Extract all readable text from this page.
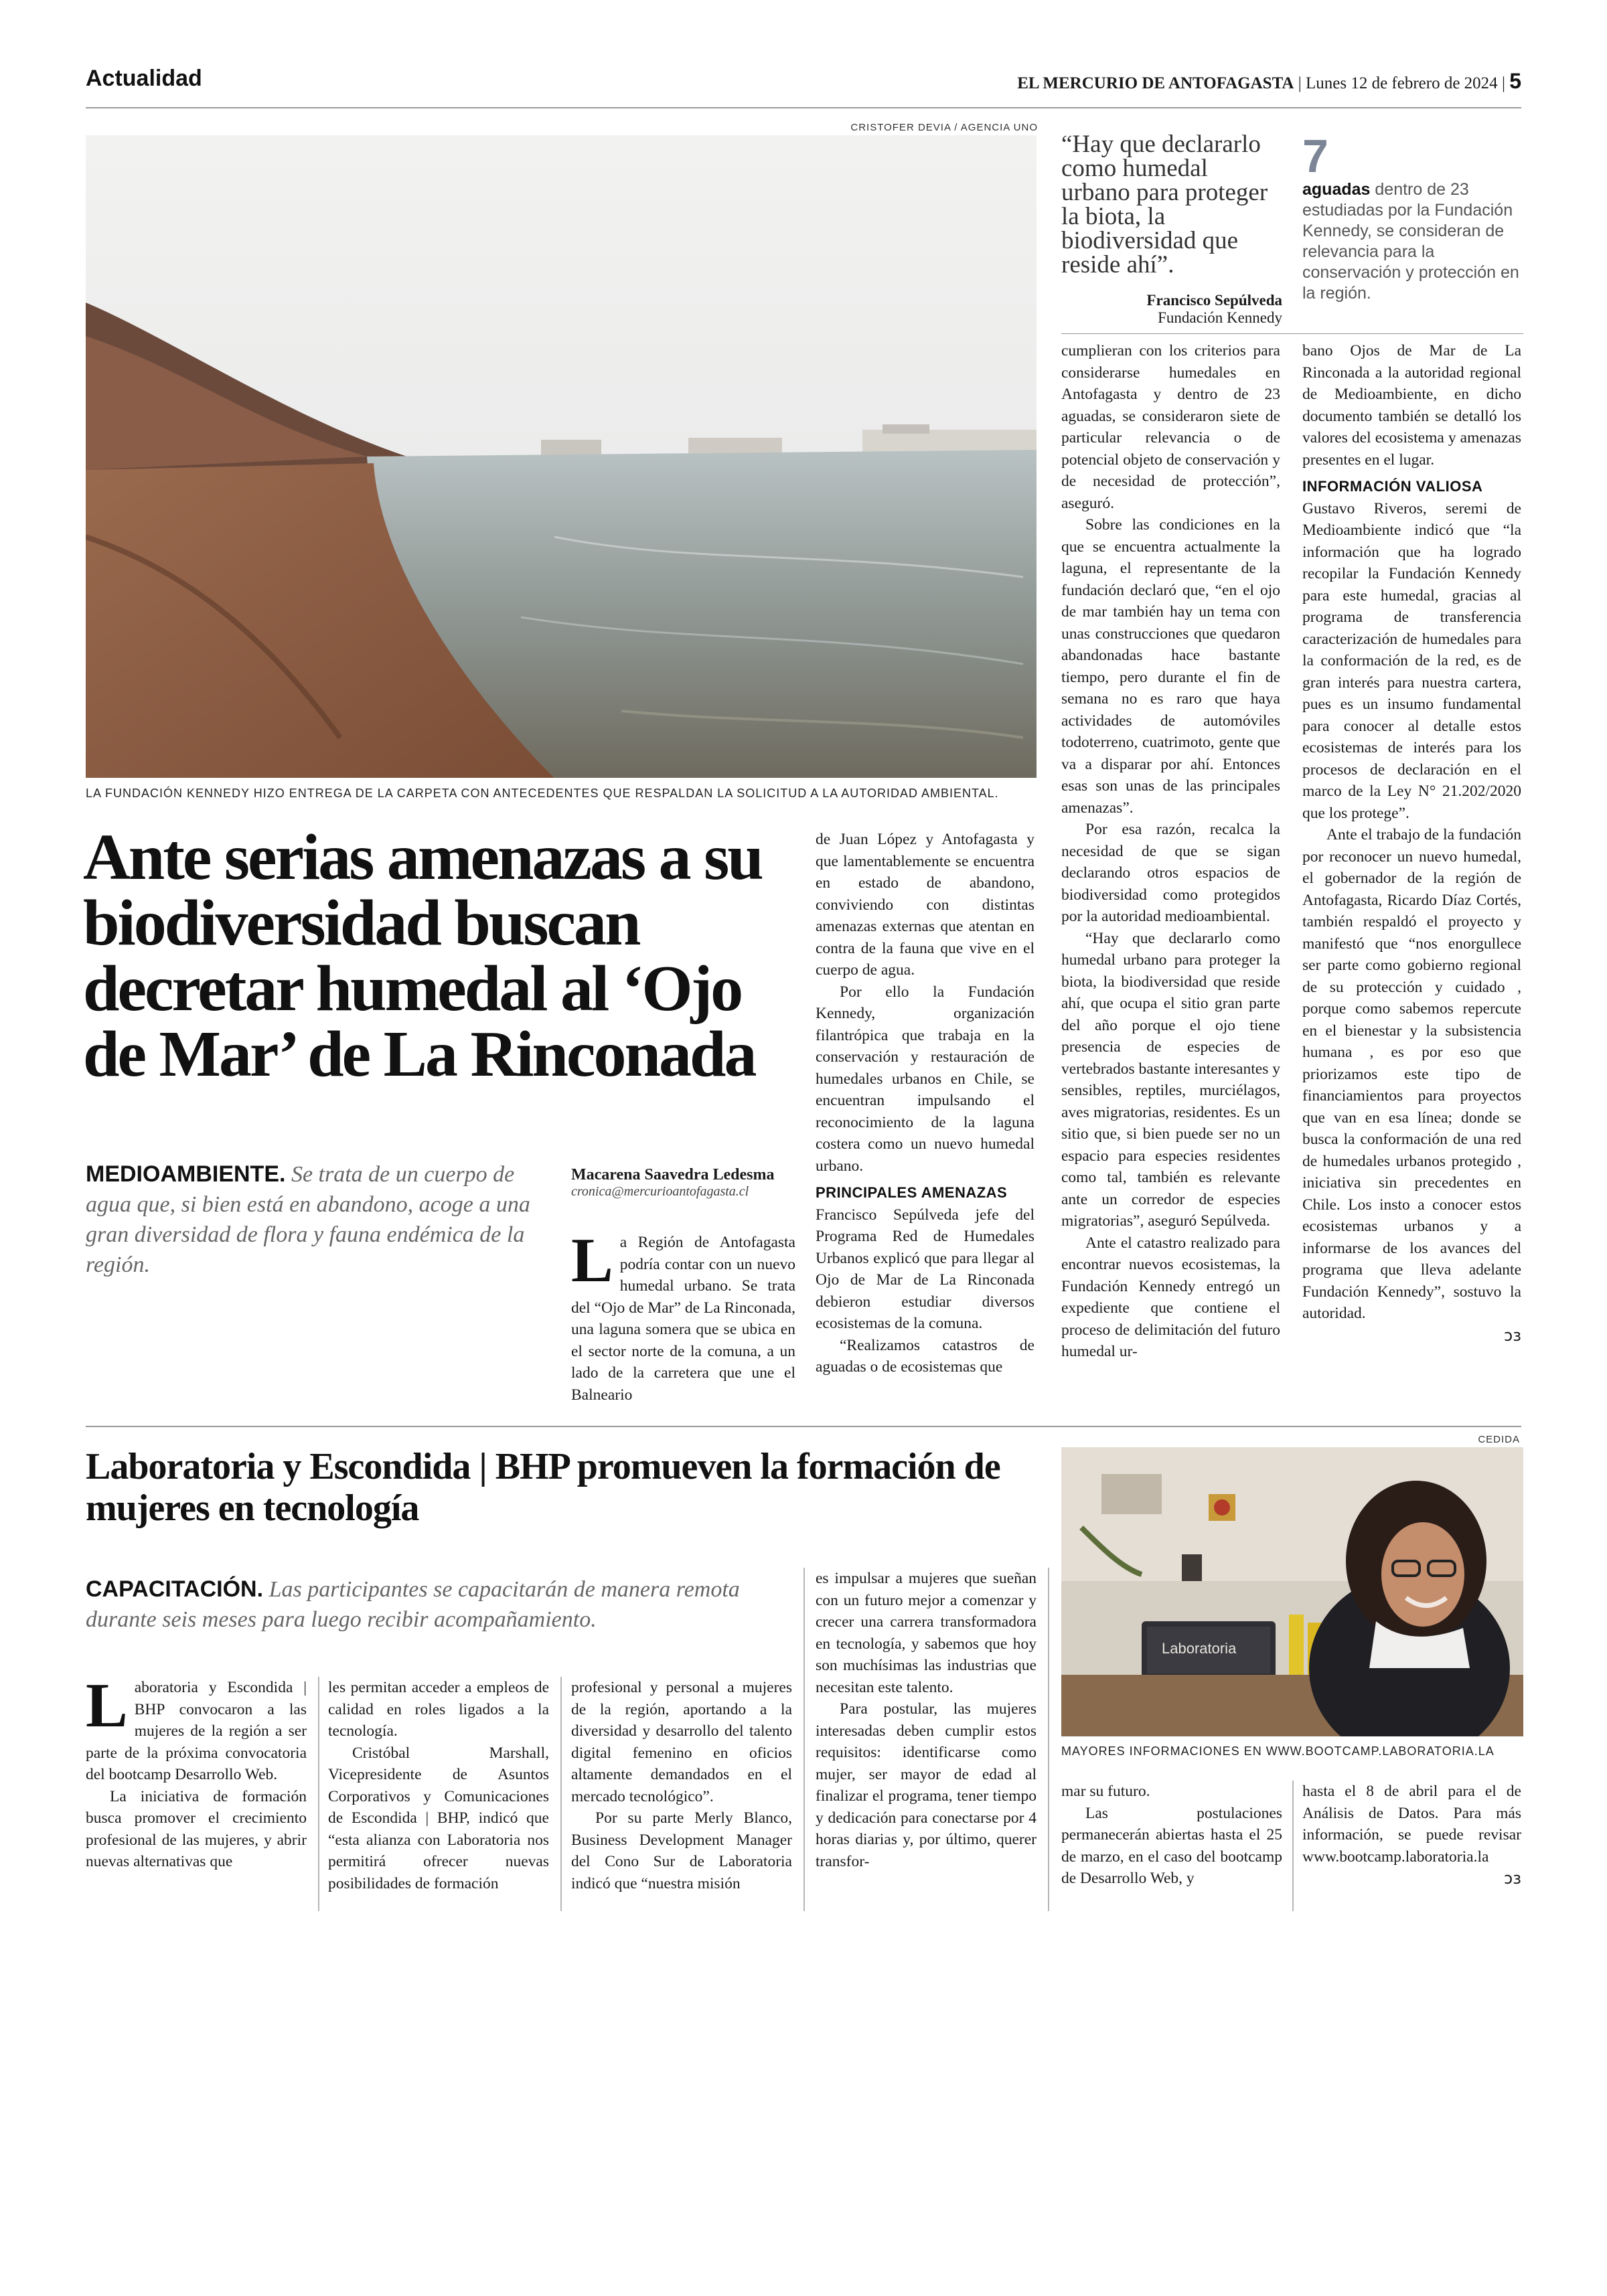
Actualidad	EL MERCURIO DE ANTOFAGASTA | Lunes 12 de febrero de 2024 | 5
CRISTOFER DEVIA / AGENCIA UNO
LA FUNDACIÓN KENNEDY HIZO ENTREGA DE LA CARPETA CON ANTECEDENTES QUE RESPALDAN LA SOLICITUD A LA AUTORIDAD AMBIENTAL.
Ante serias amenazas a su biodiversidad buscan decretar humedal al ‘Ojo de Mar’ de La Rinconada
MEDIOAMBIENTE. Se trata de un cuerpo de agua que, si bien está en abandono, acoge a una gran diversidad de flora y fauna endémica de la región.
Macarena Saavedra Ledesma
cronica@mercurioantofagasta.cl
L a Región de Antofagasta podría contar con un nuevo humedal urbano. Se trata del “Ojo de Mar” de La Rinconada, una laguna somera que se ubica en el sector norte de la comuna, a un lado de la carretera que une el Balneario

de Juan López y Antofagasta y que lamentablemente se encuentra en estado de abandono, conviviendo con distintas amenazas externas que atentan en contra de la fauna que vive en el cuerpo de agua.

Por ello la Fundación Kennedy, organización filantrópica que trabaja en la conservación y restauración de humedales urbanos en Chile, se encuentran impulsando el reconocimiento de la laguna costera como un nuevo humedal urbano.

PRINCIPALES AMENAZAS

Francisco Sepúlveda jefe del Programa Red de Humedales Urbanos explicó que para llegar al Ojo de Mar de La Rinconada debieron estudiar diversos ecosistemas de la comuna.

“Realizamos catastros de aguadas o de ecosistemas que

“Hay que declararlo como humedal urbano para proteger la biota, la biodiversidad que reside ahí”.
Francisco Sepúlveda
Fundación Kennedy
7
aguadas dentro de 23 estudiadas por la Fundación Kennedy, se consideran de relevancia para la conservación y protección en la región.

cumplieran con los criterios para considerarse humedales en Antofagasta y dentro de 23 aguadas, se consideraron siete de particular relevancia o de potencial objeto de conservación y de necesidad de protección”, aseguró.

Sobre las condiciones en la que se encuentra actualmente la laguna, el representante de la fundación declaró que, “en el ojo de mar también hay un tema con unas construcciones que quedaron abandonadas hace bastante tiempo, pero durante el fin de semana no es raro que haya actividades de automóviles todoterreno, cuatrimoto, gente que va a disparar por ahí. Entonces esas son unas de las principales amenazas”.

Por esa razón, recalca la necesidad de que se sigan declarando otros espacios de biodiversidad como protegidos por la autoridad medioambiental.

“Hay que declararlo como humedal urbano para proteger la biota, la biodiversidad que reside ahí, que ocupa el sitio gran parte del año porque el ojo tiene presencia de especies de vertebrados bastante interesantes y sensibles, reptiles, murciélagos, aves migratorias, residentes. Es un sitio que, si bien puede ser no un espacio para especies residentes como tal, también es relevante ante un corredor de especies migratorias”, aseguró Sepúlveda.

Ante el catastro realizado para encontrar nuevos ecosistemas, la Fundación Kennedy entregó un expediente que contiene el proceso de delimitación del futuro humedal ur-

bano Ojos de Mar de La Rinconada a la autoridad regional de Medioambiente, en dicho documento también se detalló los valores del ecosistema y amenazas presentes en el lugar.

INFORMACIÓN VALIOSA

Gustavo Riveros, seremi de Medioambiente indicó que “la información que ha logrado recopilar la Fundación Kennedy para este humedal, gracias al programa de transferencia caracterización de humedales para la conformación de la red, es de gran interés para nuestra cartera, pues es un insumo fundamental para conocer al detalle estos ecosistemas de interés para los procesos de declaración en el marco de la Ley N° 21.202/2020 que los protege”.

Ante el trabajo de la fundación por reconocer un nuevo humedal, el gobernador de la región de Antofagasta, Ricardo Díaz Cortés, también respaldó el proyecto y manifestó que “nos enorgullece ser parte como gobierno regional de su protección y cuidado , porque como sabemos repercute en el bienestar y la subsistencia humana , es por eso que priorizamos este tipo de financiamientos para proyectos que van en esa línea; donde se busca la conformación de una red de humedales urbanos protegido , iniciativa sin precedentes en Chile. Los insto a conocer estos ecosistemas urbanos y a informarse de los avances del programa que lleva adelante Fundación Kennedy”, sostuvo la autoridad.

ↄз

Laboratoria y Escondida | BHP promueven la formación de mujeres en tecnología
CAPACITACIÓN. Las participantes se capacitarán de manera remota durante seis meses para luego recibir acompañamiento.
CEDIDA
Laboratoria
MAYORES INFORMACIONES EN WWW.BOOTCAMP.LABORATORIA.LA
L aboratoria y Escondida | BHP convocaron a las mujeres de la región a ser parte de la próxima convocatoria del bootcamp Desarrollo Web.

La iniciativa de formación busca promover el crecimiento profesional de las mujeres, y abrir nuevas alternativas que

les permitan acceder a empleos de calidad en roles ligados a la tecnología.

Cristóbal Marshall, Vicepresidente de Asuntos Corporativos y Comunicaciones de Escondida | BHP, indicó que “esta alianza con Laboratoria nos permitirá ofrecer nuevas posibilidades de formación

profesional y personal a mujeres de la región, aportando a la diversidad y desarrollo del talento digital femenino en oficios altamente demandados en el mercado tecnológico”.

Por su parte Merly Blanco, Business Development Manager del Cono Sur de Laboratoria indicó que “nuestra misión

es impulsar a mujeres que sueñan con un futuro mejor a comenzar y crecer una carrera transformadora en tecnología, y sabemos que hoy son muchísimas las industrias que necesitan este talento.

Para postular, las mujeres interesadas deben cumplir estos requisitos: identificarse como mujer, ser mayor de edad al finalizar el programa, tener tiempo y dedicación para conectarse por 4 horas diarias y, por último, querer transfor-

mar su futuro.

Las postulaciones permanecerán abiertas hasta el 25 de marzo, en el caso del bootcamp de Desarrollo Web, y

hasta el 8 de abril para el de Análisis de Datos. Para más información, se puede revisar www.bootcamp.laboratoria.la

ↄз
